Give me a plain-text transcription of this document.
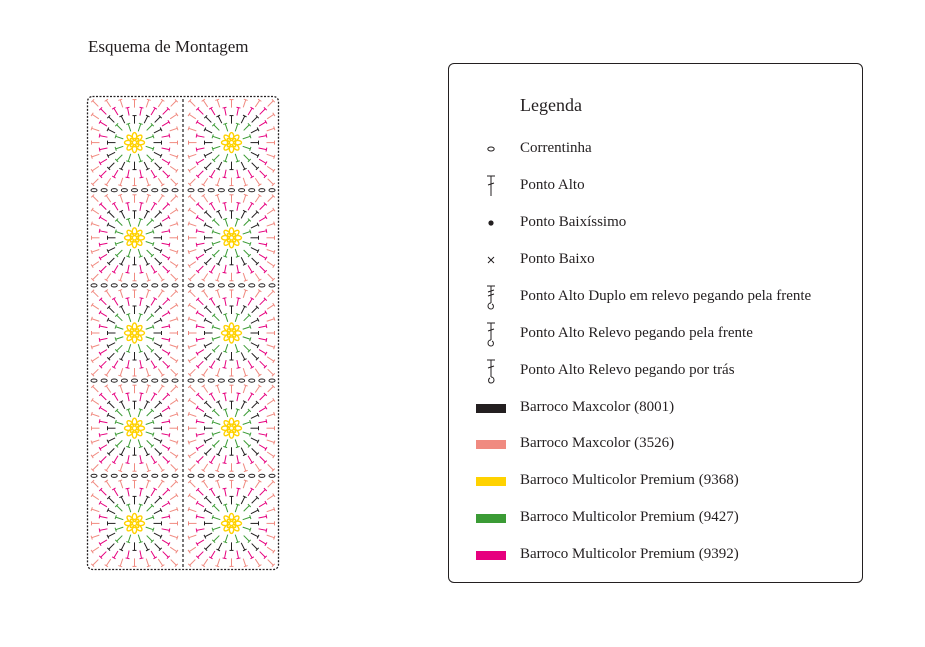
Esquema de Montagem
Legenda
Correntinha
Ponto Alto
Ponto Baixíssimo
Ponto Baixo
Ponto Alto Duplo em relevo pegando pela frente
Ponto Alto Relevo pegando pela frente
Ponto Alto Relevo pegando por trás
Barroco Maxcolor (8001)
Barroco Maxcolor (3526)
Barroco Multicolor Premium (9368)
Barroco Multicolor Premium (9427)
Barroco Multicolor Premium (9392)
